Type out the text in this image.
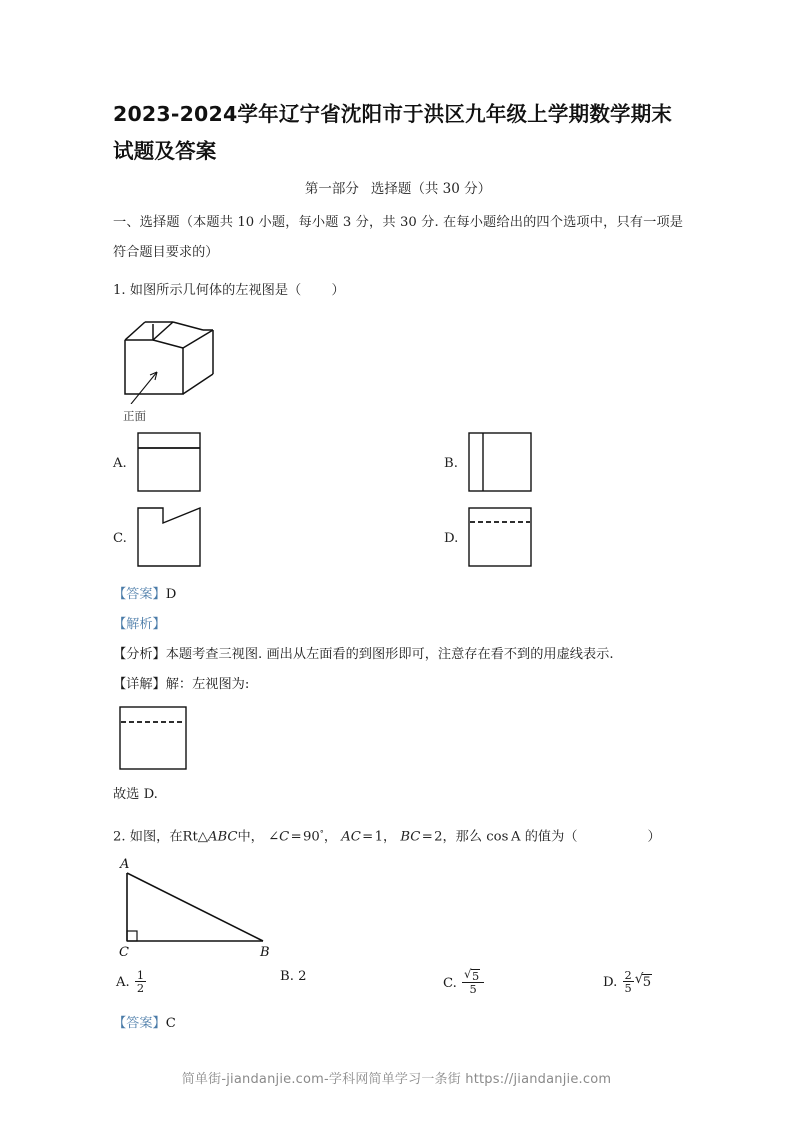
2023-2024学年辽宁省沈阳市于洪区九年级上学期数学期末试题及答案
第一部分 选择题（共 30 分）

一、选择题（本题共 10 小题，每小题 3 分，共 30 分. 在每小题给出的四个选项中，只有一项是符合题目要求的）

1. 如图所示几何体的左视图是（ ）

正面
A.	B.
C.	D.

【答案】D

【解析】

【分析】本题考查三视图. 画出从左面看的到图形即可，注意存在看不到的用虚线表示.

【详解】解：左视图为:

故选 D.

2. 如图，在Rt△ABC中， ∠C = 90°， AC = 1， BC = 2，那么 cos  A 的值为（	）

A
C	B
A. $\frac{1}{2}$	B. 2	C. √ $\frac{5}{5}$	D. $\frac{2}{5}$ √ 5

【答案】C

简单街-jiandanjie.com-学科网简单学习一条街 https://jiandanjie.com
